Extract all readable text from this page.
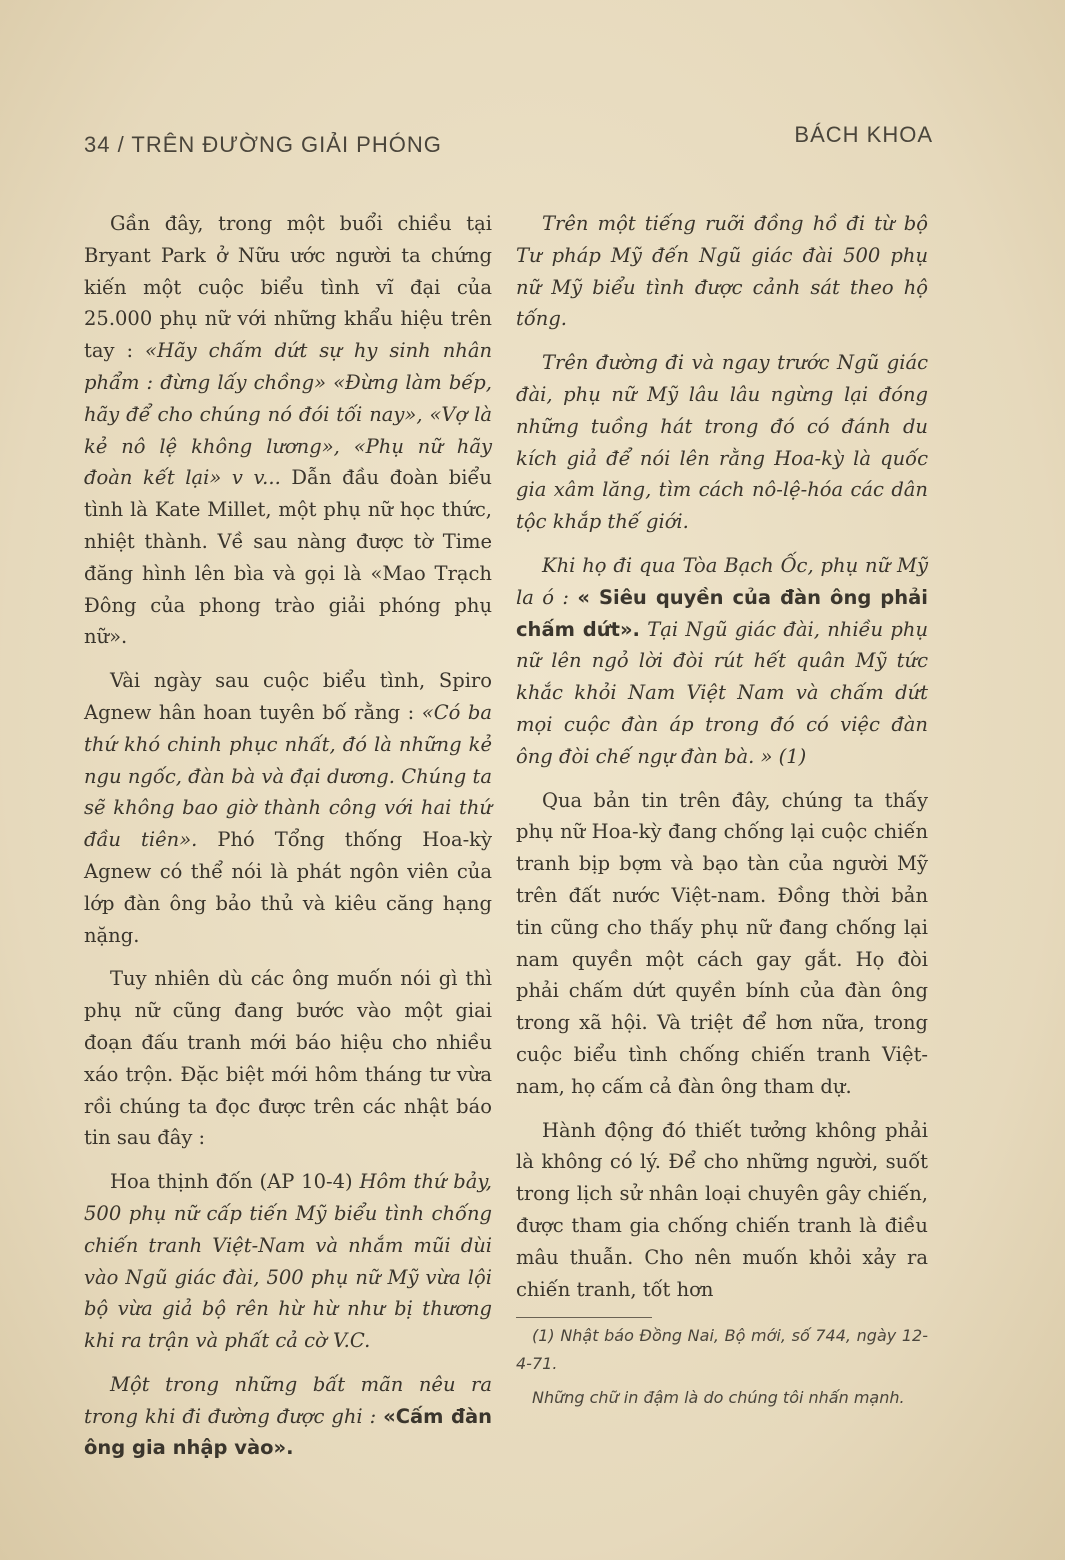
34 / TRÊN ĐƯỜNG GIẢI PHÓNG	BÁCH KHOA

Gần đây, trong một buổi chiều tại Bryant Park ở Nữu ước người ta chứng kiến một cuộc biểu tình vĩ đại của 25.000 phụ nữ với những khẩu hiệu trên tay : «Hãy chấm dứt sự hy sinh nhân phẩm : đừng lấy chồng» «Đừng làm bếp, hãy để cho chúng nó đói tối nay», «Vợ là kẻ nô lệ không lương», «Phụ nữ hãy đoàn kết lại» v v... Dẫn đầu đoàn biểu tình là Kate Millet, một phụ nữ học thức, nhiệt thành. Về sau nàng được tờ Time đăng hình lên bìa và gọi là «Mao Trạch Đông của phong trào giải phóng phụ nữ».

Vài ngày sau cuộc biểu tình, Spiro Agnew hân hoan tuyên bố rằng : «Có ba thứ khó chinh phục nhất, đó là những kẻ ngu ngốc, đàn bà và đại dương. Chúng ta sẽ không bao giờ thành công với hai thứ đầu tiên». Phó Tổng thống Hoa-kỳ Agnew có thể nói là phát ngôn viên của lớp đàn ông bảo thủ và kiêu căng hạng nặng.

Tuy nhiên dù các ông muốn nói gì thì phụ nữ cũng đang bước vào một giai đoạn đấu tranh mới báo hiệu cho nhiều xáo trộn. Đặc biệt mới hôm tháng tư vừa rồi chúng ta đọc được trên các nhật báo tin sau đây :

Hoa thịnh đốn (AP 10-4) Hôm thứ bảy, 500 phụ nữ cấp tiến Mỹ biểu tình chống chiến tranh Việt-Nam và nhắm mũi dùi vào Ngũ giác đài, 500 phụ nữ Mỹ vừa lội bộ vừa giả bộ rên hừ hừ như bị thương khi ra trận và phất cả cờ V.C.

Một trong những bất mãn nêu ra trong khi đi đường được ghi : «Cấm đàn ông gia nhập vào».

Trên một tiếng ruỡi đồng hồ đi từ bộ Tư pháp Mỹ đến Ngũ giác đài 500 phụ nữ Mỹ biểu tình được cảnh sát theo hộ tống.

Trên đường đi và ngay trước Ngũ giác đài, phụ nữ Mỹ lâu lâu ngừng lại đóng những tuồng hát trong đó có đánh du kích giả để nói lên rằng Hoa-kỳ là quốc gia xâm lăng, tìm cách nô-lệ-hóa các dân tộc khắp thế giới.

Khi họ đi qua Tòa Bạch Ốc, phụ nữ Mỹ la ó : « Siêu quyền của đàn ông phải chấm dứt». Tại Ngũ giác đài, nhiều phụ nữ lên ngỏ lời đòi rút hết quân Mỹ tức khắc khỏi Nam Việt Nam và chấm dứt mọi cuộc đàn áp trong đó có việc đàn ông đòi chế ngự đàn bà. » (1)

Qua bản tin trên đây, chúng ta thấy phụ nữ Hoa-kỳ đang chống lại cuộc chiến tranh bịp bợm và bạo tàn của người Mỹ trên đất nước Việt-nam. Đồng thời bản tin cũng cho thấy phụ nữ đang chống lại nam quyền một cách gay gắt. Họ đòi phải chấm dứt quyền bính của đàn ông trong xã hội. Và triệt để hơn nữa, trong cuộc biểu tình chống chiến tranh Việt-nam, họ cấm cả đàn ông tham dự.

Hành động đó thiết tưởng không phải là không có lý. Để cho những người, suốt trong lịch sử nhân loại chuyên gây chiến, được tham gia chống chiến tranh là điều mâu thuẫn. Cho nên muốn khỏi xảy ra chiến tranh, tốt hơn

(1) Nhật báo Đồng Nai, Bộ mới, số 744, ngày 12-4-71.

Những chữ in đậm là do chúng tôi nhấn mạnh.
